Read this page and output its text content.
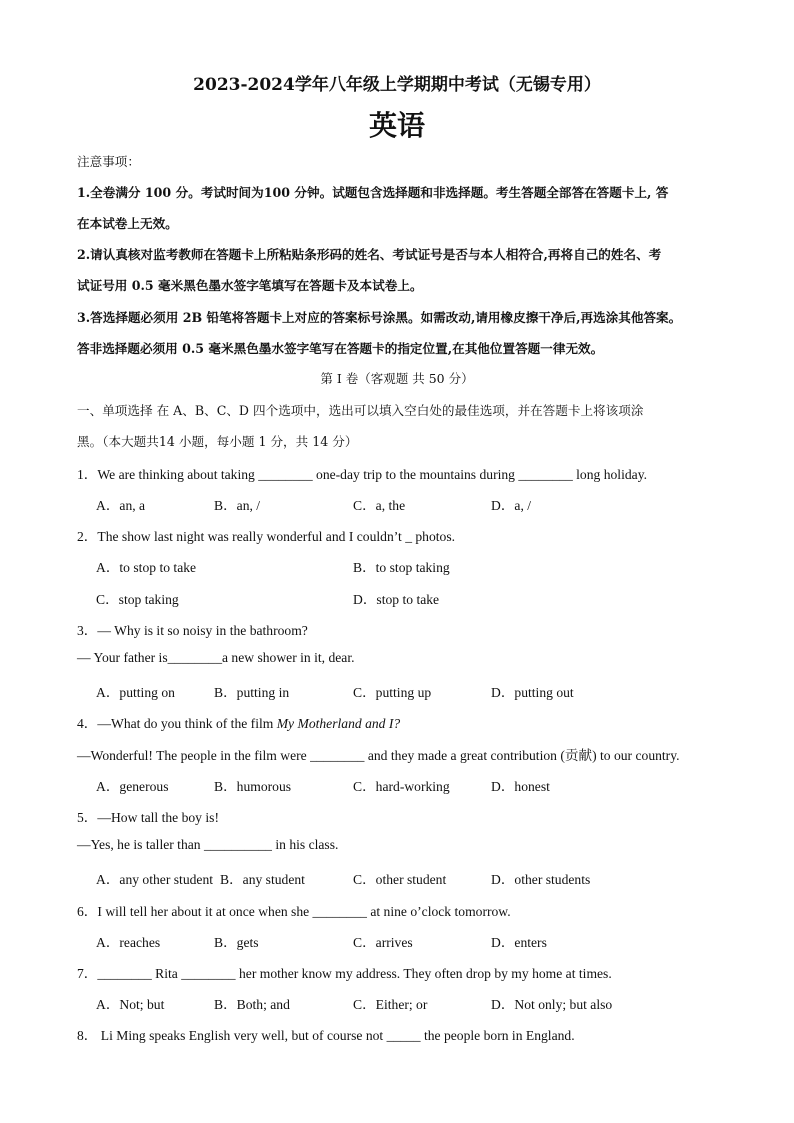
2023-2024学年八年级上学期期中考试（无锡专用）
英语
注意事项：
1.全卷满分 100 分。考试时间为100 分钟。试题包含选择题和非选择题。考生答题全部答在答题卡上, 答
在本试卷上无效。
2.请认真核对监考教师在答题卡上所粘贴条形码的姓名、考试证号是否与本人相符合,再将自己的姓名、考
试证号用 0.5 毫米黑色墨水签字笔填写在答题卡及本试卷上。
3.答选择题必须用 2B 铅笔将答题卡上对应的答案标号涂黑。如需改动,请用橡皮擦干净后,再选涂其他答案。
答非选择题必须用 0.5 毫米黑色墨水签字笔写在答题卡的指定位置,在其他位置答题一律无效。
第 I 卷（客观题 共 50 分）
一、单项选择 在 A、B、C、D 四个选项中，选出可以填入空白处的最佳选项，并在答题卡上将该项涂
黑。（本大题共14 小题，每小题 1 分，共 14 分）
1．We are thinking about taking ________ one-day trip to the mountains during ________ long holiday.
A．an, a	B．an, /	C．a, the	D．a, /
2．The show last night was really wonderful and I couldn’t _ photos.
A．to stop to take	B．to stop taking
C．stop taking	D．stop to take
3．— Why is it so noisy in the bathroom?
— Your father is________a new shower in it, dear.
A．putting on	B．putting in	C．putting up	D．putting out
4．—What do you think of the film My Motherland and I?
—Wonderful! The people in the film were ________ and they made a great contribution (贡献) to our country.
A．generous	B．humorous	C．hard-working	D．honest
5．—How tall the boy is!
—Yes, he is taller than __________ in his class.
A．any other student B．any student	C．other student	D．other students
6．I will tell her about it at once when she ________ at nine o’clock tomorrow.
A．reaches	B．gets	C．arrives	D．enters
7．________ Rita ________ her mother know my address. They often drop by my home at times.
A．Not; but	B．Both; and	C．Either; or	D．Not only; but also
8． Li Ming speaks English very well, but of course not _____ the people born in England.
